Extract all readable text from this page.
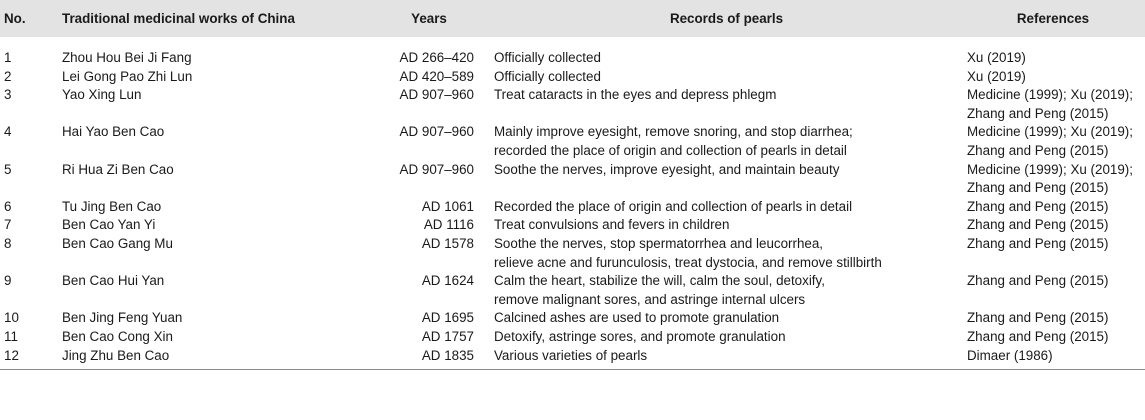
No.	Traditional medicinal works of China	Years	Records of pearls	References
1	Zhou Hou Bei Ji Fang	AD 266–420	Officially collected	Xu (2019)

2	Lei Gong Pao Zhi Lun	AD 420–589	Officially collected	Xu (2019)

3	Yao Xing Lun	AD 907–960	Treat cataracts in the eyes and depress phlegm	Medicine (1999); Xu (2019);
Zhang and Peng (2015)

4	Hai Yao Ben Cao	AD 907–960	Mainly improve eyesight, remove snoring, and stop diarrhea;
recorded the place of origin and collection of pearls in detail	Medicine (1999); Xu (2019);
Zhang and Peng (2015)

5	Ri Hua Zi Ben Cao	AD 907–960	Soothe the nerves, improve eyesight, and maintain beauty	Medicine (1999); Xu (2019);
Zhang and Peng (2015)

6	Tu Jing Ben Cao	AD 1061	Recorded the place of origin and collection of pearls in detail	Zhang and Peng (2015)

7	Ben Cao Yan Yi	AD 1116	Treat convulsions and fevers in children	Zhang and Peng (2015)

8	Ben Cao Gang Mu	AD 1578	Soothe the nerves, stop spermatorrhea and leucorrhea,
relieve acne and furunculosis, treat dystocia, and remove stillbirth	Zhang and Peng (2015)

9	Ben Cao Hui Yan	AD 1624	Calm the heart, stabilize the will, calm the soul, detoxify,
remove malignant sores, and astringe internal ulcers	Zhang and Peng (2015)

10	Ben Jing Feng Yuan	AD 1695	Calcined ashes are used to promote granulation	Zhang and Peng (2015)

11	Ben Cao Cong Xin	AD 1757	Detoxify, astringe sores, and promote granulation	Zhang and Peng (2015)

12	Jing Zhu Ben Cao	AD 1835	Various varieties of pearls	Dimaer (1986)
